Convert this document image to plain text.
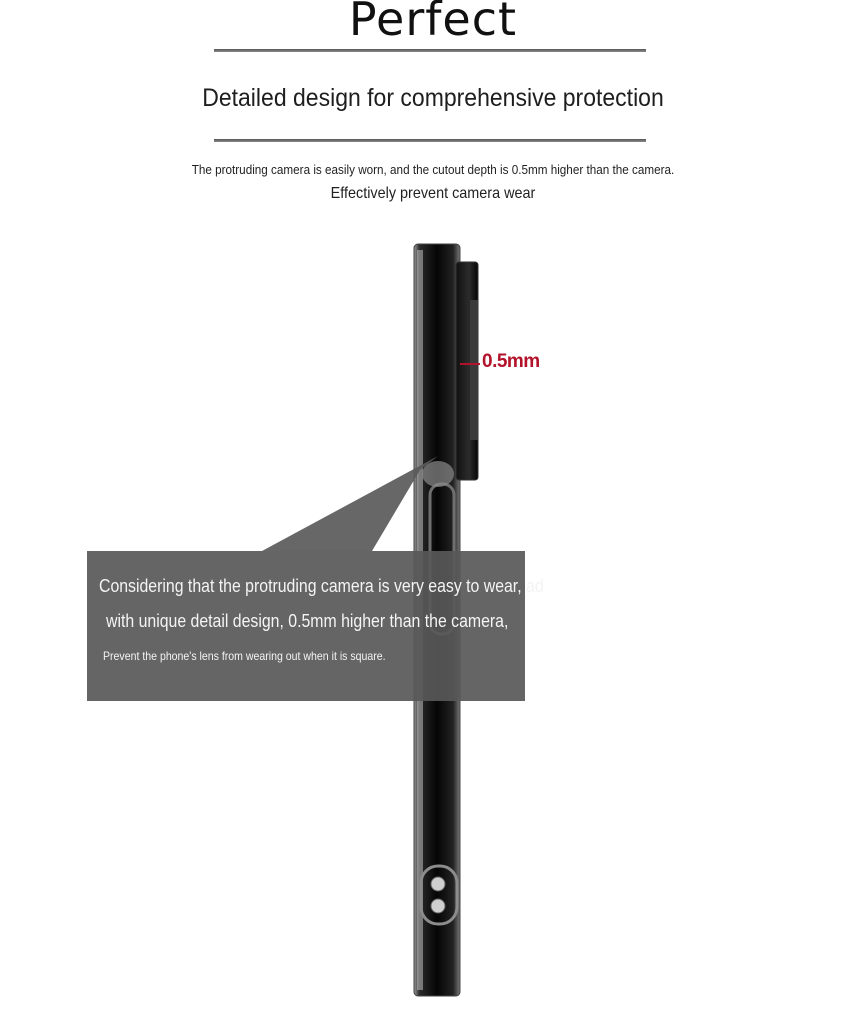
Perfect
Detailed design for comprehensive protection
The protruding camera is easily worn, and the cutout depth is 0.5mm higher than the camera.
Effectively prevent camera wear
0.5mm
Considering that the protruding camera is very easy to wear, ad
with unique detail design, 0.5mm higher than the camera,
Prevent the phone's lens from wearing out when it is square.
